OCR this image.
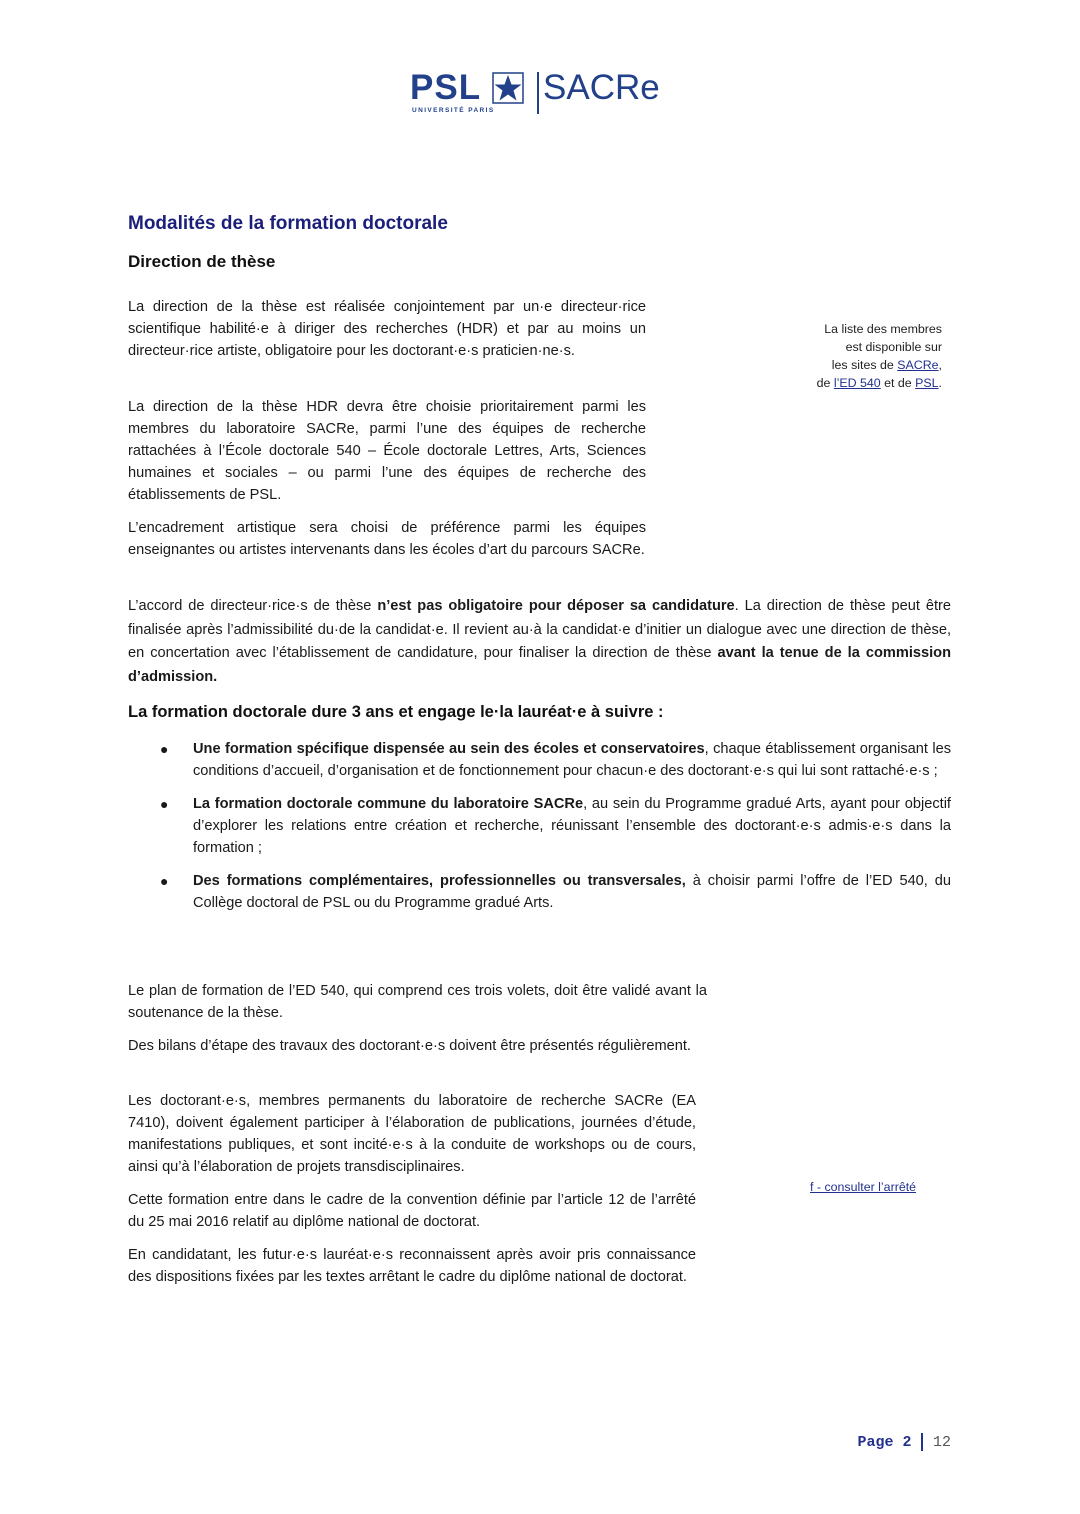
PSL
UNIVERSITÉ PARIS
SACRe
Modalités de la formation doctorale
Direction de thèse

La direction de la thèse est réalisée conjointement par un·e directeur·rice scientifique habilité·e à diriger des recherches (HDR) et par au moins un directeur·rice artiste, obligatoire pour les doctorant·e·s praticien·ne·s.

La direction de la thèse HDR devra être choisie prioritairement parmi les membres du laboratoire SACRe, parmi l’une des équipes de recherche rattachées à l’École doctorale 540 – École doctorale Lettres, Arts, Sciences humaines et sociales – ou parmi l’une des équipes de recherche des établissements de PSL.

L’encadrement artistique sera choisi de préférence parmi les équipes enseignantes ou artistes intervenants dans les écoles d’art du parcours SACRe.

La liste des membres
est disponible sur
les sites de SACRe,
de l’ED 540 et de PSL.

L’accord de directeur·rice·s de thèse n’est pas obligatoire pour déposer sa candidature. La direction de thèse peut être finalisée après l’admissibilité du·de la candidat·e. Il revient au·à la candidat·e d’initier un dialogue avec une direction de thèse, en concertation avec l’établissement de candidature, pour finaliser la direction de thèse avant la tenue de la commission d’admission.

La formation doctorale dure 3 ans et engage le·la lauréat·e à suivre :
● Une formation spécifique dispensée au sein des écoles et conservatoires, chaque établissement organisant les conditions d’accueil, d’organisation et de fonctionnement pour chacun·e des doctorant·e·s qui lui sont rattaché·e·s ;
● La formation doctorale commune du laboratoire SACRe, au sein du Programme gradué Arts, ayant pour objectif d’explorer les relations entre création et recherche, réunissant l’ensemble des doctorant·e·s admis·e·s dans la formation ;
● Des formations complémentaires, professionnelles ou transversales, à choisir parmi l’offre de l’ED 540, du Collège doctoral de PSL ou du Programme gradué Arts.

Le plan de formation de l’ED 540, qui comprend ces trois volets, doit être validé avant la soutenance de la thèse.

Des bilans d’étape des travaux des doctorant·e·s doivent être présentés régulièrement.

Les doctorant·e·s, membres permanents du laboratoire de recherche SACRe (EA 7410), doivent également participer à l’élaboration de publications, journées d’étude, manifestations publiques, et sont incité·e·s à la conduite de workshops ou de cours, ainsi qu’à l’élaboration de projets transdisciplinaires.

Cette formation entre dans le cadre de la convention définie par l’article 12 de l’arrêté du 25 mai 2016 relatif au diplôme national de doctorat.

En candidatant, les futur·e·s lauréat·e·s reconnaissent après avoir pris connaissance des dispositions fixées par les textes arrêtant le cadre du diplôme national de doctorat.

f - consulter l’arrêté
Page 2 12
